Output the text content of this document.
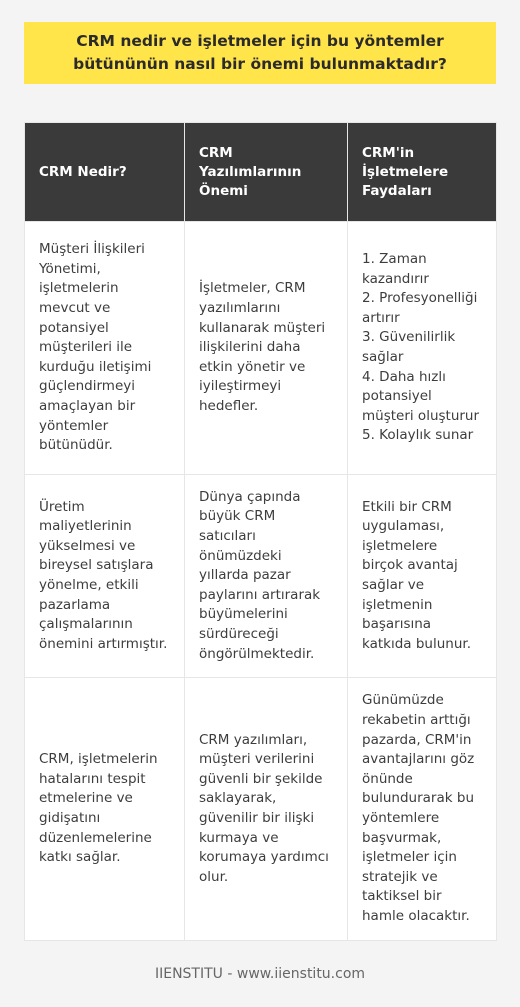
CRM nedir ve işletmeler için bu yöntemler bütününün nasıl bir önemi bulunmaktadır?
CRM Nedir?	CRM Yazılımlarının Önemi	CRM'in İşletmelere Faydaları

Müşteri İlişkileri Yönetimi, işletmelerin mevcut ve potansiyel müşterileri ile kurduğu iletişimi güçlendirmeyi amaçlayan bir yöntemler bütünüdür.	İşletmeler, CRM yazılımlarını kullanarak müşteri ilişkilerini daha etkin yönetir ve iyileştirmeyi hedefler.	1. Zaman kazandırır
2. Profesyonelliği artırır
3. Güvenilirlik sağlar
4. Daha hızlı potansiyel müşteri oluşturur
5. Kolaylık sunar

Üretim maliyetlerinin yükselmesi ve bireysel satışlara yönelme, etkili pazarlama çalışmalarının önemini artırmıştır.	Dünya çapında büyük CRM satıcıları önümüzdeki yıllarda pazar paylarını artırarak büyümelerini sürdüreceği öngörülmektedir.	Etkili bir CRM uygulaması, işletmelere birçok avantaj sağlar ve işletmenin başarısına katkıda bulunur.

CRM, işletmelerin hatalarını tespit etmelerine ve gidişatını düzenlemelerine katkı sağlar.	CRM yazılımları, müşteri verilerini güvenli bir şekilde saklayarak, güvenilir bir ilişki kurmaya ve korumaya yardımcı olur.	Günümüzde rekabetin arttığı pazarda, CRM'in avantajlarını göz önünde bulundurarak bu yöntemlere başvurmak, işletmeler için stratejik ve taktiksel bir hamle olacaktır.
IIENSTITU - www.iienstitu.com
